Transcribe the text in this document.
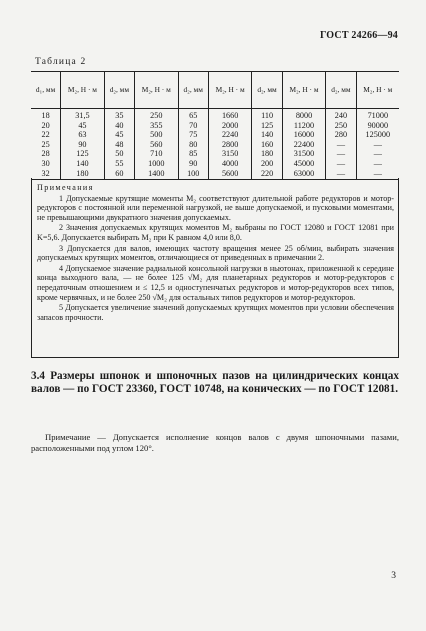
ГОСТ 24266—94
Таблица 2
d₁, мм	M₂, Н · м	d₂, мм	M₂, Н · м	d₂, мм	M₂, Н · м	d₂, мм	M₂, Н · м	d₂, мм	M₂, Н · м
18	31,5	35	250	65	1660	110	8000	240	71000
20	45	40	355	70	2000	125	11200	250	90000
22	63	45	500	75	2240	140	16000	280	125000
25	90	48	560	80	2800	160	22400	—	—
28	125	50	710	85	3150	180	31500	—	—
30	140	55	1000	90	4000	200	45000	—	—
32	180	60	1400	100	5600	220	63000	—	—
Примечания

1 Допускаемые крутящие моменты M₂ соответствуют длительной работе редукторов и мотор-редукторов с постоянной или переменной нагрузкой, не выше допускаемой, и пусковыми моментами, не превышающими двукратного значения допускаемых.

2 Значения допускаемых крутящих моментов M₂ выбраны по ГОСТ 12080 и ГОСТ 12081 при K=5,6. Допускается выбирать M₂ при K равном 4,0 или 8,0.

3 Допускается для валов, имеющих частоту вращения менее 25 об/мин, выбирать значения допускаемых крутящих моментов, отличающиеся от приведенных в примечании 2.

4 Допускаемое значение радиальной консольной нагрузки в ньютонах, приложенной к середине конца выходного вала, — не более 125 √M₂ для планетарных редукторов и мотор-редукторов с передаточным отношением и ≤ 12,5 и одноступенчатых редукторов и мотор-редукторов всех типов, кроме червячных, и не более 250 √M₂ для остальных типов редукторов и мотор-редукторов.

5 Допускается увеличение значений допускаемых крутящих моментов при условии обеспечения запасов прочности.

3.4 Размеры шпонок и шпоночных пазов на цилиндрических концах валов — по ГОСТ 23360, ГОСТ 10748, на конических — по ГОСТ 12081.
Примечание — Допускается исполнение концов валов с двумя шпоночными пазами, расположенными под углом 120°.
3
